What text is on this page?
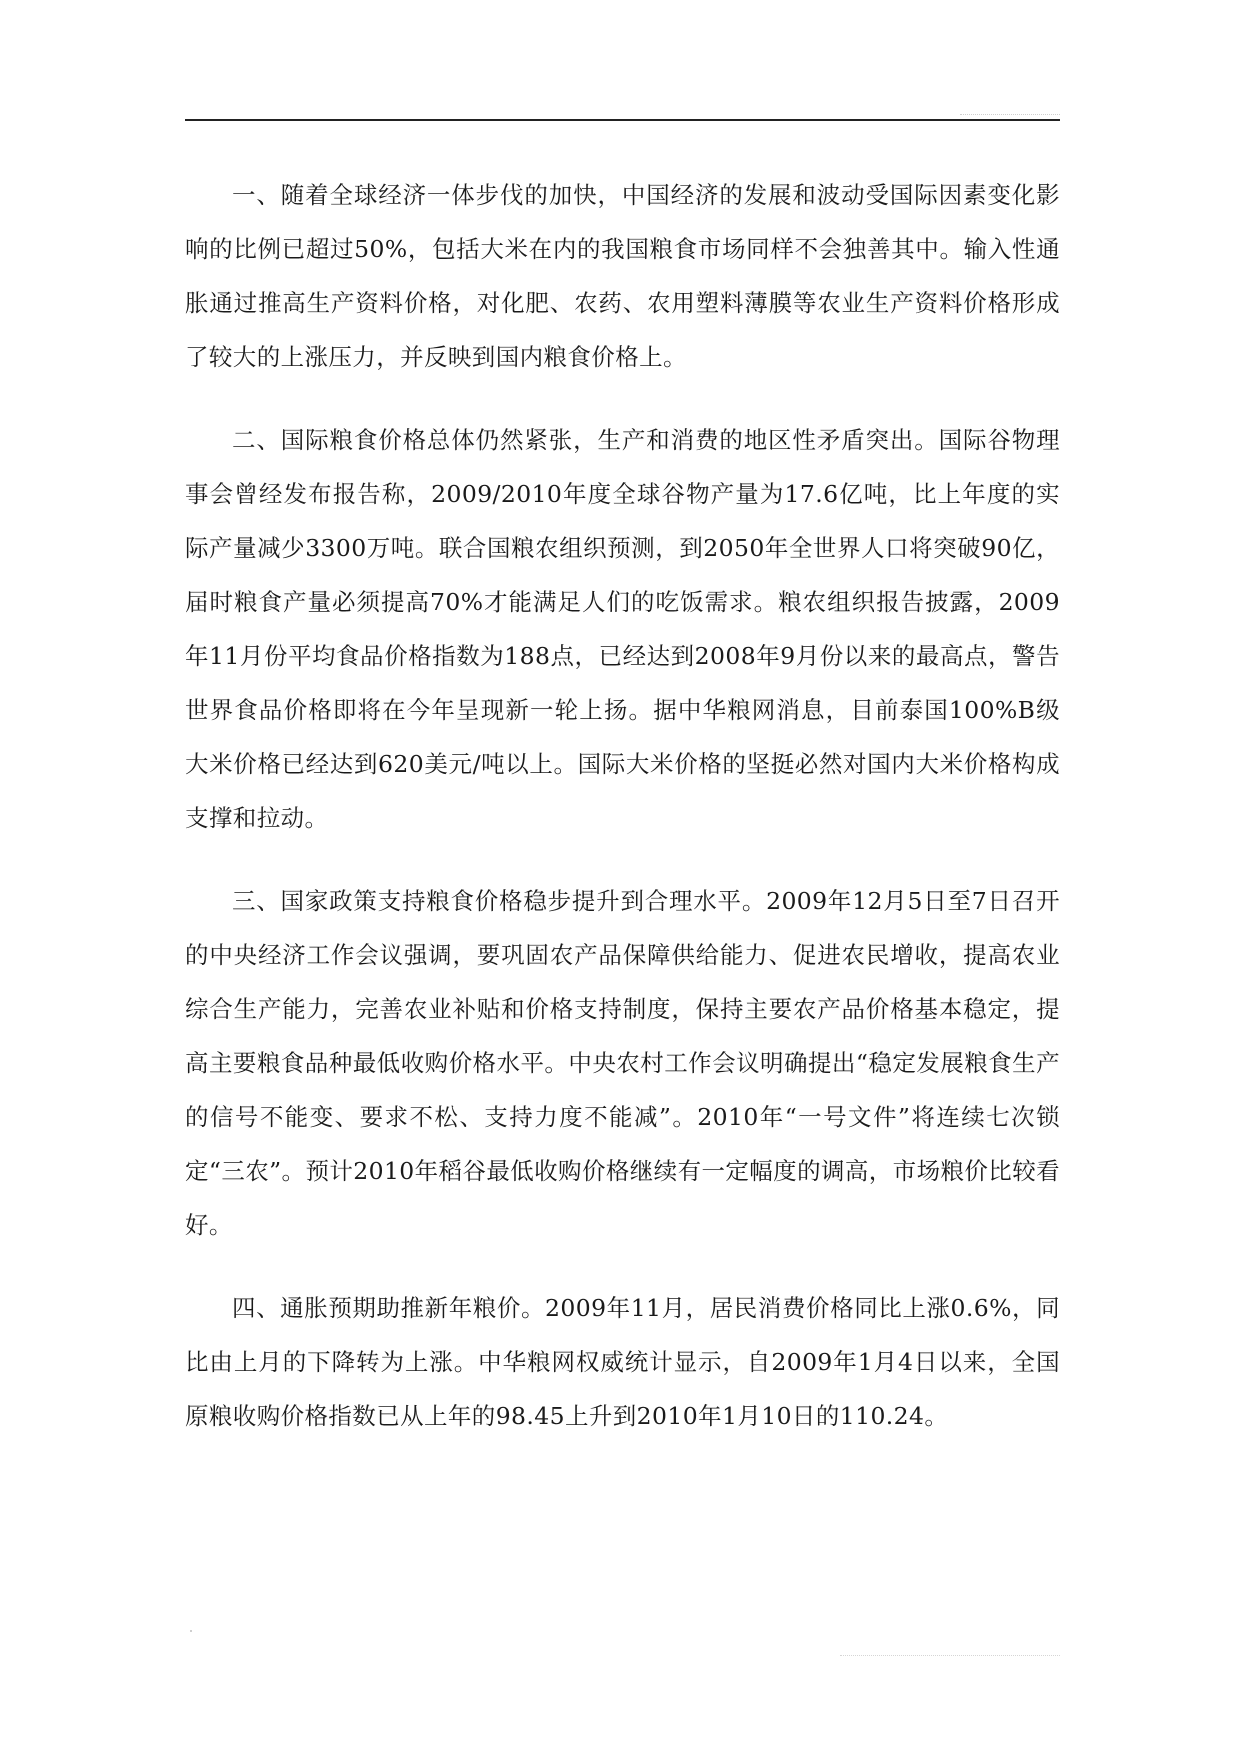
一、随着全球经济一体步伐的加快，中国经济的发展和波动受国际因素变化影响的比例已超过50%，包括大米在内的我国粮食市场同样不会独善其中。输入性通胀通过推高生产资料价格，对化肥、农药、农用塑料薄膜等农业生产资料价格形成了较大的上涨压力，并反映到国内粮食价格上。

二、国际粮食价格总体仍然紧张，生产和消费的地区性矛盾突出。国际谷物理事会曾经发布报告称，2009/2010年度全球谷物产量为17.6亿吨，比上年度的实际产量减少3300万吨。联合国粮农组织预测，到2050年全世界人口将突破90亿，届时粮食产量必须提高70%才能满足人们的吃饭需求。粮农组织报告披露，2009年11月份平均食品价格指数为188点，已经达到2008年9月份以来的最高点，警告世界食品价格即将在今年呈现新一轮上扬。据中华粮网消息，目前泰国100%B级大米价格已经达到620美元/吨以上。国际大米价格的坚挺必然对国内大米价格构成支撑和拉动。

三、国家政策支持粮食价格稳步提升到合理水平。2009年12月5日至7日召开的中央经济工作会议强调，要巩固农产品保障供给能力、促进农民增收，提高农业综合生产能力，完善农业补贴和价格支持制度，保持主要农产品价格基本稳定，提高主要粮食品种最低收购价格水平。中央农村工作会议明确提出“稳定发展粮食生产的信号不能变、要求不松、支持力度不能减”。2010年“一号文件”将连续七次锁定“三农”。预计2010年稻谷最低收购价格继续有一定幅度的调高，市场粮价比较看好。

四、通胀预期助推新年粮价。2009年11月，居民消费价格同比上涨0.6%，同比由上月的下降转为上涨。中华粮网权威统计显示，自2009年1月4日以来，全国原粮收购价格指数已从上年的98.45上升到2010年1月10日的110.24。
